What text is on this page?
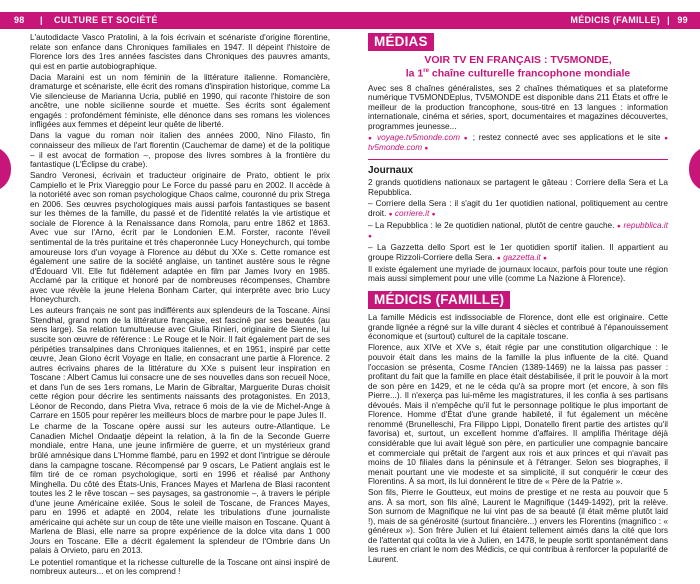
98 | CULTURE ET SOCIÉTÉ

L'autodidacte Vasco Pratolini, à la fois écrivain et scénariste d'origine florentine, relate son enfance dans Chroniques familiales en 1947. Il dépeint l'histoire de Florence lors des 1res années fascistes dans Chroniques des pauvres amants, qui est en partie autobiographique.

Dacia Maraini est un nom féminin de la littérature italienne. Romancière, dramaturge et scénariste, elle écrit des romans d'inspiration historique, comme La Vie silencieuse de Marianna Ucria, publié en 1990, qui raconte l'histoire de son ancêtre, une noble sicilienne sourde et muette. Ses écrits sont également engagés : profondément féministe, elle dénonce dans ses romans les violences infligées aux femmes et dépeint leur quête de liberté.

Dans la vague du roman noir italien des années 2000, Nino Filasto, fin connaisseur des milieux de l'art florentin (Cauchemar de dame) et de la politique – il est avocat de formation –, propose des livres sombres à la frontière du fantastique (L'Éclipse du crabe).

Sandro Veronesi, écrivain et traducteur originaire de Prato, obtient le prix Campiello et le Prix Viareggio pour Le Force du passé paru en 2002. Il accède à la notoriété avec son roman psychologique Chaos calme, couronné du prix Strega en 2006. Ses œuvres psychologiques mais aussi parfois fantastiques se basent sur les thèmes de la famille, du passé et de l'identité relatés la vie artistique et sociale de Florence à la Renaissance dans Romola, paru entre 1862 et 1863. Avec vue sur l'Arno, écrit par le Londonien E.M. Forster, raconte l'éveil sentimental de la très puritaine et très chaperonnée Lucy Honeychurch, qui tombe amoureuse lors d'un voyage à Florence au début du XXe s. Cette romance est également une satire de la société anglaise, un tantinet austère sous le règne d'Édouard VII. Elle fut fidèlement adaptée en film par James Ivory en 1985. Acclamé par la critique et honoré par de nombreuses récompenses, Chambre avec vue révèle la jeune Helena Bonham Carter, qui interprète avec brio Lucy Honeychurch.

Les auteurs français ne sont pas indifférents aux splendeurs de la Toscane. Ainsi Stendhal, grand nom de la littérature française, est fasciné par ses beautés (au sens large). Sa relation tumultueuse avec Giulia Rinieri, originaire de Sienne, lui suscite son œuvre de référence : Le Rouge et le Noir. Il fait également part de ses péripéties transalpines dans Chroniques italiennes, et en 1951, inspiré par cette œuvre, Jean Giono écrit Voyage en Italie, en consacrant une partie à Florence. 2 autres écrivains phares de la littérature du XXe s puisent leur inspiration en Toscane : Albert Camus lui consacre une de ses nouvelles dans son recueil Noce, et dans l'un de ses 1ers romans, Le Marin de Gibraltar, Marguerite Duras choisit cette région pour décrire les sentiments naissants des protagonistes. En 2013, Léonor de Recondo, dans Pietra Viva, retrace 6 mois de la vie de Michel-Ange à Carrare en 1505 pour repérer les meilleurs blocs de marbre pour le pape Jules II.

Le charme de la Toscane opère aussi sur les auteurs outre-Atlantique. Le Canadien Michel Ondaatje dépeint la relation, à la fin de la Seconde Guerre mondiale, entre Hana, une jeune infirmière de guerre, et un mystérieux grand brûlé amnésique dans L'Homme flambé, paru en 1992 et dont l'intrigue se déroule dans la campagne toscane. Récompensé par 9 oscars, Le Patient anglais est le film tiré de ce roman psychologique, sorti en 1996 et réalisé par Anthony Minghella. Du côté des États-Unis, Frances Mayes et Marlena de Blasi racontent toutes les 2 le rêve toscan – ses paysages, sa gastronomie –, à travers le périple d'une jeune Américaine exilée. Sous le soleil de Toscane, de Frances Mayes, paru en 1996 et adapté en 2004, relate les tribulations d'une journaliste américaine qui achète sur un coup de tête une vieille maison en Toscane. Quant à Marlena de Blasi, elle narre sa propre expérience de la dolce vita dans 1 000 Jours en Toscane. Elle a décrit également la splendeur de l'Ombrie dans Un palais à Orvieto, paru en 2013.

Le potentiel romantique et la richesse culturelle de la Toscane ont ainsi inspiré de nombreux auteurs... et on les comprend !

MÉDICIS (FAMILLE) | 99
MÉDIAS
VOIR TV EN FRANÇAIS : TV5MONDE,
la 1re chaîne culturelle francophone mondiale

Avec ses 8 chaînes généralistes, ses 2 chaînes thématiques et sa plateforme numérique TV5MONDEplus, TV5MONDE est disponible dans 211 États et offre le meilleur de la production francophone, sous-titré en 13 langues : information internationale, cinéma et séries, sport, documentaires et magazines découvertes, programmes jeunesse...

● voyage.tv5monde.com ● ; restez connecté avec ses applications et le site ● tv5monde.com ●

Journaux

2 grands quotidiens nationaux se partagent le gâteau : Corriere della Sera et La Repubblica.

– Corriere della Sera : il s'agit du 1er quotidien national, politiquement au centre droit. ● corriere.it ●

– La Repubblica : le 2e quotidien national, plutôt de centre gauche. ● repubblica.it ●

– La Gazzetta dello Sport est le 1er quotidien sportif italien. Il appartient au groupe Rizzoli-Corriere della Sera. ● gazzetta.it ●

Il existe également une myriade de journaux locaux, parfois pour toute une région mais aussi simplement pour une ville (comme La Nazione à Florence).

MÉDICIS (FAMILLE)

La famille Médicis est indissociable de Florence, dont elle est originaire. Cette grande lignée a régné sur la ville durant 4 siècles et contribué à l'épanouissement économique et (surtout) culturel de la capitale toscane.

Florence, aux XIVe et XVe s, était régie par une constitution oligarchique : le pouvoir était dans les mains de la famille la plus influente de la cité. Quand l'occasion se présenta, Cosme l'Ancien (1389-1469) ne la laissa pas passer : profitant du fait que la famille en place était déstabilisée, il prit le pouvoir à la mort de son père en 1429, et ne le céda qu'à sa propre mort (et encore, à son fils Pierre...). Il n'exerça pas lui-même les magistratures, il les confia à ses partisans dévoués. Mais il n'empêche qu'il fut le personnage politique le plus important de Florence. Homme d'État d'une grande habileté, il fut également un mécène renommé (Brunelleschi, Fra Filippo Lippi, Donatello firent partie des artistes qu'il favorisa) et, surtout, un excellent homme d'affaires. Il amplifia l'héritage déjà considérable que lui avait légué son père, en particulier une compagnie bancaire et commerciale qui prêtait de l'argent aux rois et aux princes et qui n'avait pas moins de 10 filiales dans la péninsule et à l'étranger. Selon ses biographes, il menait pourtant une vie modeste et sa simplicité, il sut conquérir le cœur des Florentins. À sa mort, ils lui donnèrent le titre de « Père de la Patrie ».

Son fils, Pierre le Goutteux, eut moins de prestige et ne resta au pouvoir que 5 ans. À sa mort, son fils aîné, Laurent le Magnifique (1449-1492), prit la relève. Son surnom de Magnifique ne lui vint pas de sa beauté (il était même plutôt laid !), mais de sa générosité (surtout financière...) envers les Florentins (magnifico : « généreux »). Son frère Julien et lui étaient tellement aimés dans la cité que lors de l'attentat qui coûta la vie à Julien, en 1478, le peuple sortit spontanément dans les rues en criant le nom des Médicis, ce qui contribua à renforcer la popularité de Laurent.
